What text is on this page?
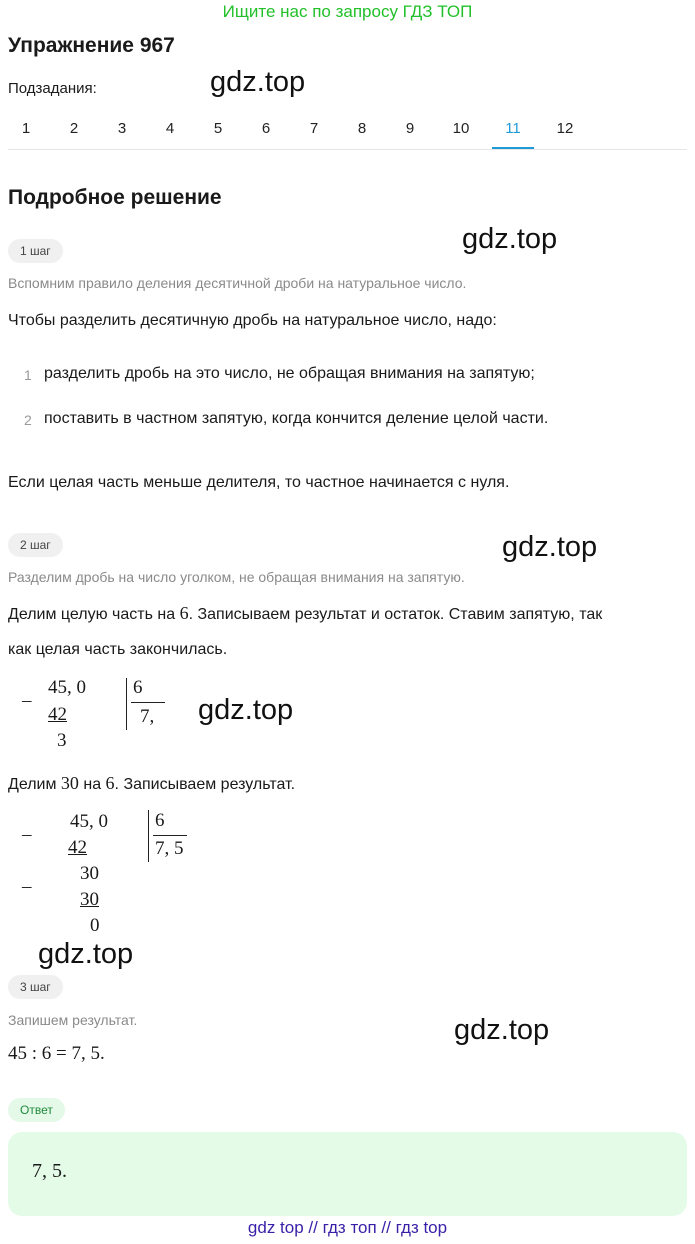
Ищите нас по запросу ГДЗ ТОП
Упражнение 967
Подзадания:	gdz.top
1	2	3	4	5	6	7	8	9	10	11	12
Подробное решение
gdz.top
1 шаг
Вспомним правило деления десятичной дроби на натуральное число.
Чтобы разделить десятичную дробь на натуральное число, надо:
1 разделить дробь на это число, не обращая внимания на запятую;
2 поставить в частном запятую, когда кончится деление целой части.
Если целая часть меньше делителя, то частное начинается с нуля.
2 шаг	gdz.top
Разделим дробь на число уголком, не обращая внимания на запятую.
Делим целую часть на 6. Записываем результат и остаток. Ставим запятую, так
как целая часть закончилась.
–
45, 0
42
3
6
7, gdz.top
Делим 30 на 6. Записываем результат.
–
45, 0
42
–
30
30
0
6
7, 5
gdz.top
3 шаг
gdz.top
Запишем результат.
45 : 6 = 7, 5.
Ответ
7, 5.
gdz top // гдз топ // гдз top
